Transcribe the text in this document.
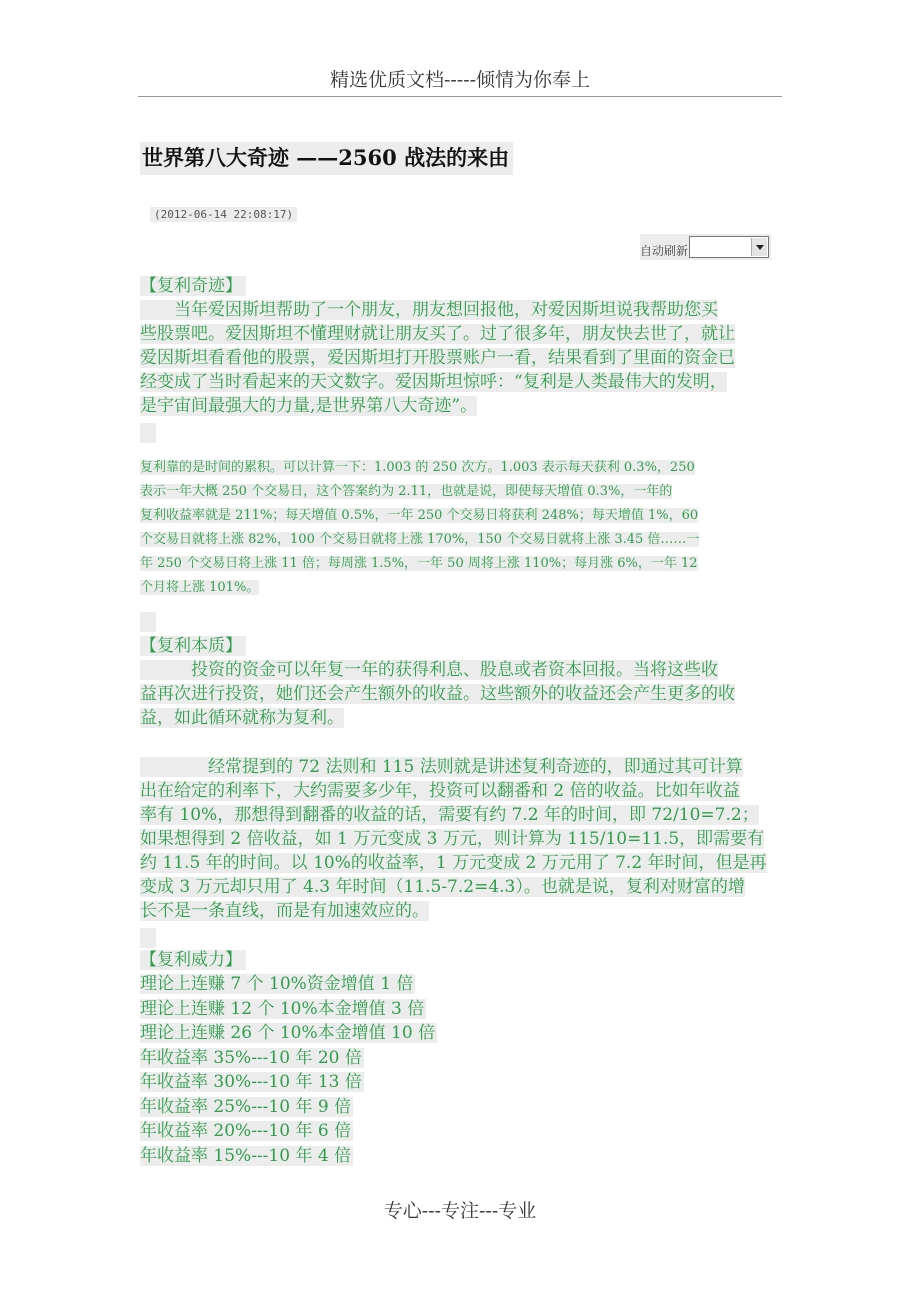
精选优质文档-----倾情为你奉上
世界第八大奇迹 ——2560 战法的来由
(2012-06-14 22:08:17)
自动刷新
【复利奇迹】

　　当年爱因斯坦帮助了一个朋友，朋友想回报他，对爱因斯坦说我帮助您买
些股票吧。爱因斯坦不懂理财就让朋友买了。过了很多年，朋友快去世了，就让
爱因斯坦看看他的股票，爱因斯坦打开股票账户一看，结果看到了里面的资金已
经变成了当时看起来的天文数字。爱因斯坦惊呼：“复利是人类最伟大的发明，
是宇宙间最强大的力量,是世界第八大奇迹”。

复利靠的是时间的累积。可以计算一下：1.003 的 250 次方。1.003 表示每天获利 0.3%，250
表示一年大概 250 个交易日，这个答案约为 2.11，也就是说，即使每天增值 0.3%，一年的
复利收益率就是 211%；每天增值 0.5%，一年 250 个交易日将获利 248%；每天增值 1%，60
个交易日就将上涨 82%，100 个交易日就将上涨 170%，150 个交易日就将上涨 3.45 倍……一
年 250 个交易日将上涨 11 倍；每周涨 1.5%，一年 50 周将上涨 110%；每月涨 6%，一年 12
个月将上涨 101%。

【复利本质】

　　　投资的资金可以年复一年的获得利息、股息或者资本回报。当将这些收
益再次进行投资，她们还会产生额外的收益。这些额外的收益还会产生更多的收
益，如此循环就称为复利。

　　　　经常提到的 72 法则和 115 法则就是讲述复利奇迹的，即通过其可计算
出在给定的利率下，大约需要多少年，投资可以翻番和 2 倍的收益。比如年收益
率有 10%，那想得到翻番的收益的话，需要有约 7.2 年的时间，即 72/10=7.2；
如果想得到 2 倍收益，如 1 万元变成 3 万元，则计算为 115/10=11.5，即需要有
约 11.5 年的时间。以 10%的收益率，1 万元变成 2 万元用了 7.2 年时间，但是再
变成 3 万元却只用了 4.3 年时间（11.5-7.2=4.3）。也就是说，复利对财富的增
长不是一条直线，而是有加速效应的。

【复利威力】
理论上连赚 7 个 10%资金增值 1 倍
理论上连赚 12 个 10%本金增值 3 倍
理论上连赚 26 个 10%本金增值 10 倍
年收益率 35%---10 年 20 倍
年收益率 30%---10 年 13 倍
年收益率 25%---10 年 9 倍
年收益率 20%---10 年 6 倍
年收益率 15%---10 年 4 倍
专心---专注---专业
